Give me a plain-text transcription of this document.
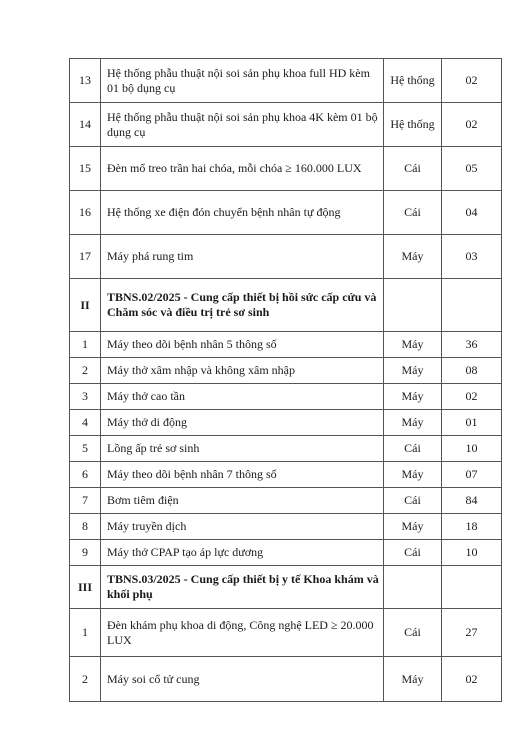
13	Hệ thống phẫu thuật nội soi sản phụ khoa full HD kèm 01 bộ dụng cụ	Hệ thống	02
14	Hệ thống phẫu thuật nội soi sản phụ khoa 4K kèm 01 bộ dụng cụ	Hệ thống	02
15	Đèn mổ treo trần hai chóa, mỗi chóa ≥ 160.000 LUX	Cái	05
16	Hệ thống xe điện đón chuyển bệnh nhân tự động	Cái	04
17	Máy phá rung tim	Máy	03
II	TBNS.02/2025 - Cung cấp thiết bị hồi sức cấp cứu và Chăm sóc và điều trị trẻ sơ sinh		
1	Máy theo dõi bệnh nhân 5 thông số	Máy	36
2	Máy thở xâm nhập và không xâm nhập	Máy	08
3	Máy thở cao tần	Máy	02
4	Máy thở di động	Máy	01
5	Lồng ấp trẻ sơ sinh	Cái	10
6	Máy theo dõi bệnh nhân 7 thông số	Máy	07
7	Bơm tiêm điện	Cái	84
8	Máy truyền dịch	Máy	18
9	Máy thở CPAP tạo áp lực dương	Cái	10
III	TBNS.03/2025 - Cung cấp thiết bị y tế Khoa khám và khối phụ		
1	Đèn khám phụ khoa di động, Công nghệ LED ≥ 20.000 LUX	Cái	27
2	Máy soi cổ tử cung	Máy	02
